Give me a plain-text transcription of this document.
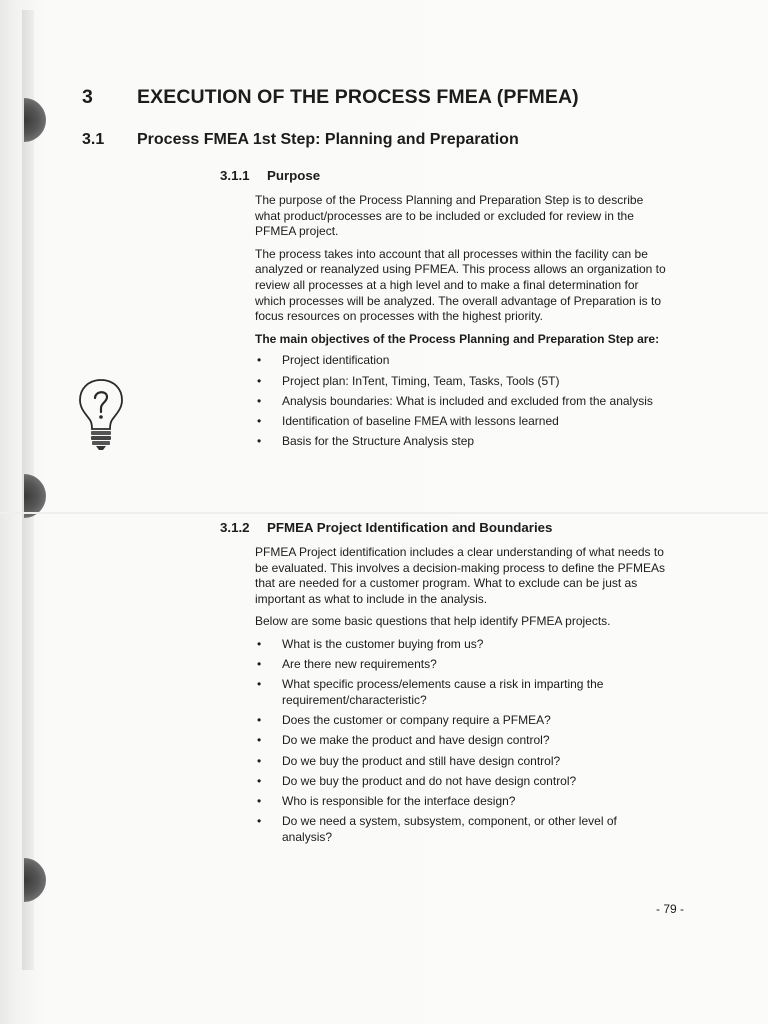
3	EXECUTION OF THE PROCESS FMEA (PFMEA)
3.1	Process FMEA 1st Step: Planning and Preparation
3.1.1	Purpose

The purpose of the Process Planning and Preparation Step is to describe what product/processes are to be included or excluded for review in the PFMEA project.

The process takes into account that all processes within the facility can be analyzed or reanalyzed using PFMEA. This process allows an organization to review all processes at a high level and to make a final determination for which processes will be analyzed. The overall advantage of Preparation is to focus resources on processes with the highest priority.

The main objectives of the Process Planning and Preparation Step are:

• Project identification
• Project plan: InTent, Timing, Team, Tasks, Tools (5T)
• Analysis boundaries: What is included and excluded from the analysis
• Identification of baseline FMEA with lessons learned
• Basis for the Structure Analysis step
3.1.2	PFMEA Project Identification and Boundaries

PFMEA Project identification includes a clear understanding of what needs to be evaluated. This involves a decision-making process to define the PFMEAs that are needed for a customer program. What to exclude can be just as important as what to include in the analysis.

Below are some basic questions that help identify PFMEA projects.

• What is the customer buying from us?
• Are there new requirements?
• What specific process/elements cause a risk in imparting the requirement/characteristic?
• Does the customer or company require a PFMEA?
• Do we make the product and have design control?
• Do we buy the product and still have design control?
• Do we buy the product and do not have design control?
• Who is responsible for the interface design?
• Do we need a system, subsystem, component, or other level of analysis?
- 79 -
